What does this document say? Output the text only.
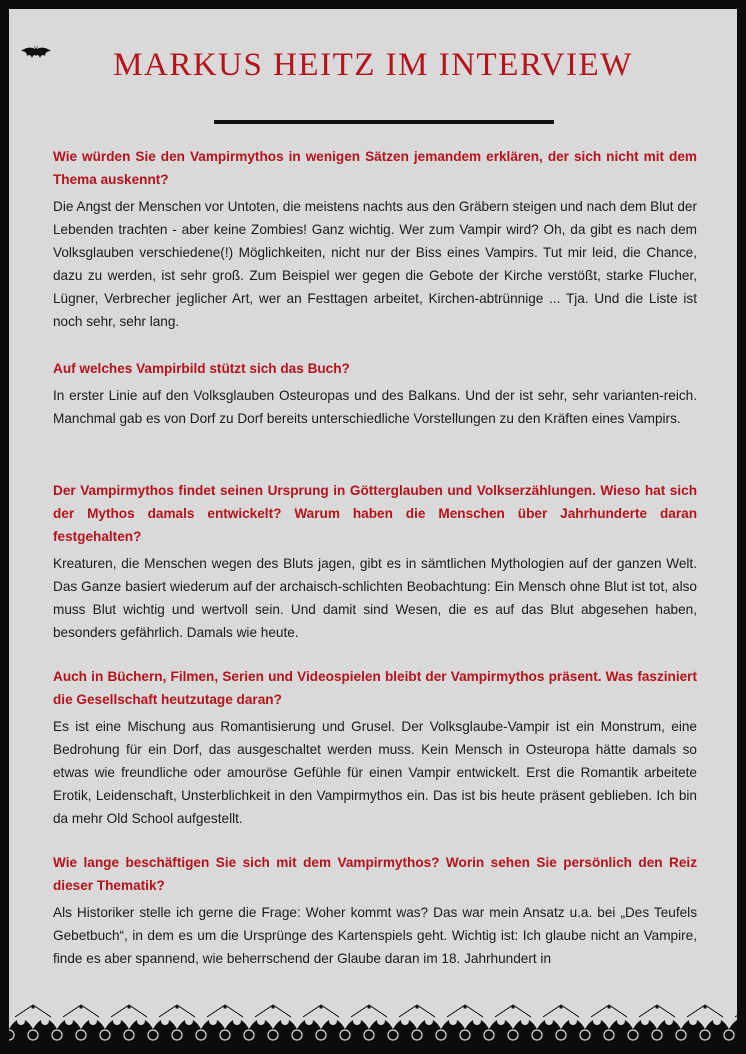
MARKUS HEITZ IM INTERVIEW

Wie würden Sie den Vampirmythos in wenigen Sätzen jemandem erklären, der sich nicht mit dem Thema auskennt?

Die Angst der Menschen vor Untoten, die meistens nachts aus den Gräbern steigen und nach dem Blut der Lebenden trachten - aber keine Zombies! Ganz wichtig. Wer zum Vampir wird? Oh, da gibt es nach dem Volksglauben verschiedene(!) Möglichkeiten, nicht nur der Biss eines Vampirs. Tut mir leid, die Chance, dazu zu werden, ist sehr groß. Zum Beispiel wer gegen die Gebote der Kirche verstößt, starke Flucher, Lügner, Verbrecher jeglicher Art, wer an Festtagen arbeitet, Kirchen-abtrünnige ... Tja. Und die Liste ist noch sehr, sehr lang.

Auf welches Vampirbild stützt sich das Buch?

In erster Linie auf den Volksglauben Osteuropas und des Balkans. Und der ist sehr, sehr varianten-reich. Manchmal gab es von Dorf zu Dorf bereits unterschiedliche Vorstellungen zu den Kräften eines Vampirs.

Der Vampirmythos findet seinen Ursprung in Götterglauben und Volkserzählungen. Wieso hat sich der Mythos damals entwickelt? Warum haben die Menschen über Jahrhunderte daran festgehalten?

Kreaturen, die Menschen wegen des Bluts jagen, gibt es in sämtlichen Mythologien auf der ganzen Welt. Das Ganze basiert wiederum auf der archaisch-schlichten Beobachtung: Ein Mensch ohne Blut ist tot, also muss Blut wichtig und wertvoll sein. Und damit sind Wesen, die es auf das Blut abgesehen haben, besonders gefährlich. Damals wie heute.

Auch in Büchern, Filmen, Serien und Videospielen bleibt der Vampirmythos präsent. Was fasziniert die Gesellschaft heutzutage daran?

Es ist eine Mischung aus Romantisierung und Grusel. Der Volksglaube-Vampir ist ein Monstrum, eine Bedrohung für ein Dorf, das ausgeschaltet werden muss. Kein Mensch in Osteuropa hätte damals so etwas wie freundliche oder amouröse Gefühle für einen Vampir entwickelt. Erst die Romantik arbeitete Erotik, Leidenschaft, Unsterblichkeit in den Vampirmythos ein. Das ist bis heute präsent geblieben. Ich bin da mehr Old School aufgestellt.

Wie lange beschäftigen Sie sich mit dem Vampirmythos? Worin sehen Sie persönlich den Reiz dieser Thematik?

Als Historiker stelle ich gerne die Frage: Woher kommt was? Das war mein Ansatz u.a. bei „Des Teufels Gebetbuch“, in dem es um die Ursprünge des Kartenspiels geht. Wichtig ist: Ich glaube nicht an Vampire, finde es aber spannend, wie beherrschend der Glaube daran im 18. Jahrhundert in
